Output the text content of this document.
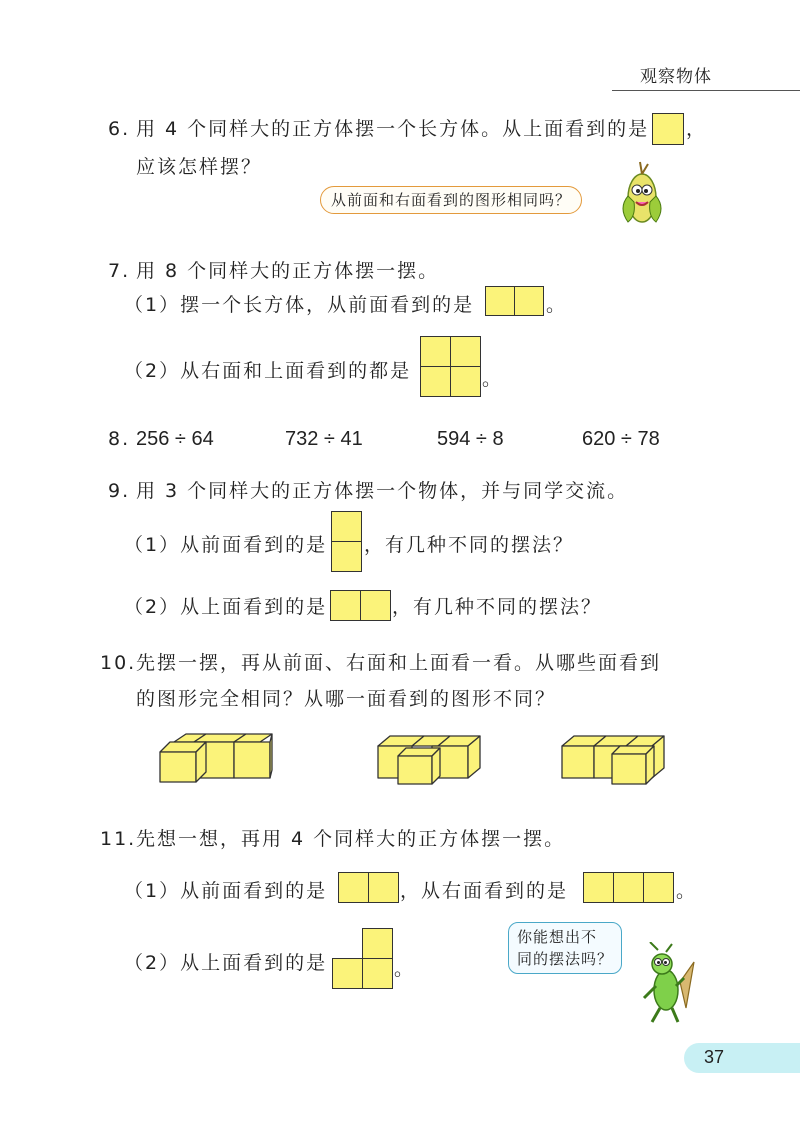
观察物体
6. 用 4 个同样大的正方体摆一个长方体。从上面看到的是 ，
应该怎样摆？
从前面和右面看到的图形相同吗？
7. 用 8 个同样大的正方体摆一摆。
（1）摆一个长方体，从前面看到的是	。
（2）从右面和上面看到的都是	。
8. 256 ÷ 64	732 ÷ 41	594 ÷ 8	620 ÷ 78
9. 用 3 个同样大的正方体摆一个物体，并与同学交流。
（1）从前面看到的是 ，有几种不同的摆法？
（2）从上面看到的是	，有几种不同的摆法？
10. 先摆一摆，再从前面、右面和上面看一看。从哪些面看到
的图形完全相同？从哪一面看到的图形不同？
11. 先想一想，再用 4 个同样大的正方体摆一摆。
（1）从前面看到的是	，从右面看到的是	。
（2）从上面看到的是	。
你能想出不
同的摆法吗？
37
